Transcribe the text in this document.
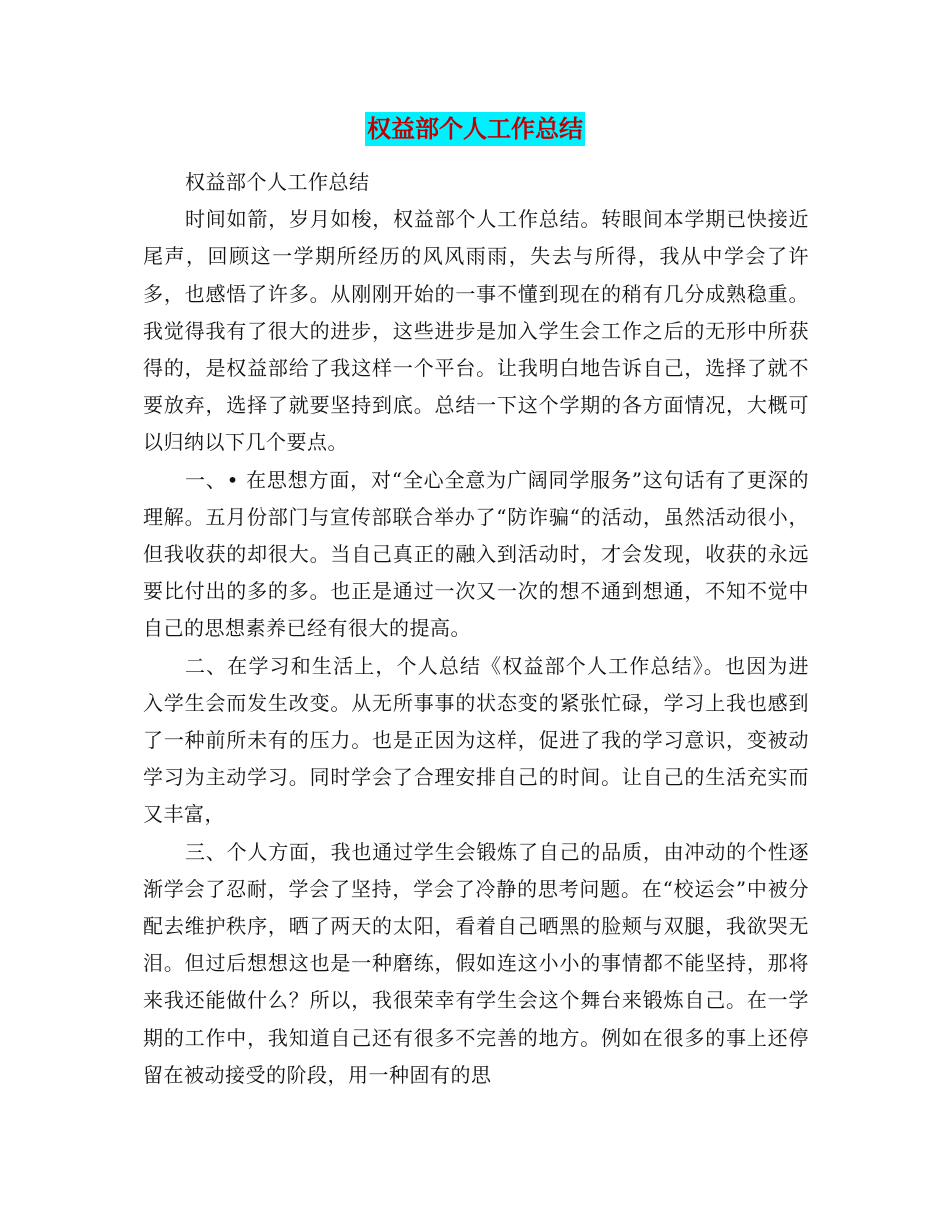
权益部个人工作总结

权益部个人工作总结

时间如箭，岁月如梭，权益部个人工作总结。转眼间本学期已快接近尾声，回顾这一学期所经历的风风雨雨，失去与所得，我从中学会了许多，也感悟了许多。从刚刚开始的一事不懂到现在的稍有几分成熟稳重。我觉得我有了很大的进步，这些进步是加入学生会工作之后的无形中所获得的，是权益部给了我这样一个平台。让我明白地告诉自己，选择了就不要放弃，选择了就要坚持到底。总结一下这个学期的各方面情况，大概可以归纳以下几个要点。

一、• 在思想方面，对“全心全意为广阔同学服务”这句话有了更深的理解。五月份部门与宣传部联合举办了“防诈骗“的活动，虽然活动很小，但我收获的却很大。当自己真正的融入到活动时，才会发现，收获的永远要比付出的多的多。也正是通过一次又一次的想不通到想通，不知不觉中自己的思想素养已经有很大的提高。

二、在学习和生活上，个人总结《权益部个人工作总结》。也因为进入学生会而发生改变。从无所事事的状态变的紧张忙碌，学习上我也感到了一种前所未有的压力。也是正因为这样，促进了我的学习意识，变被动学习为主动学习。同时学会了合理安排自己的时间。让自己的生活充实而又丰富，

三、个人方面，我也通过学生会锻炼了自己的品质，由冲动的个性逐渐学会了忍耐，学会了坚持，学会了冷静的思考问题。在“校运会”中被分配去维护秩序，晒了两天的太阳，看着自己晒黑的脸颊与双腿，我欲哭无泪。但过后想想这也是一种磨练，假如连这小小的事情都不能坚持，那将来我还能做什么？所以，我很荣幸有学生会这个舞台来锻炼自己。在一学期的工作中，我知道自己还有很多不完善的地方。例如在很多的事上还停留在被动接受的阶段，用一种固有的思
